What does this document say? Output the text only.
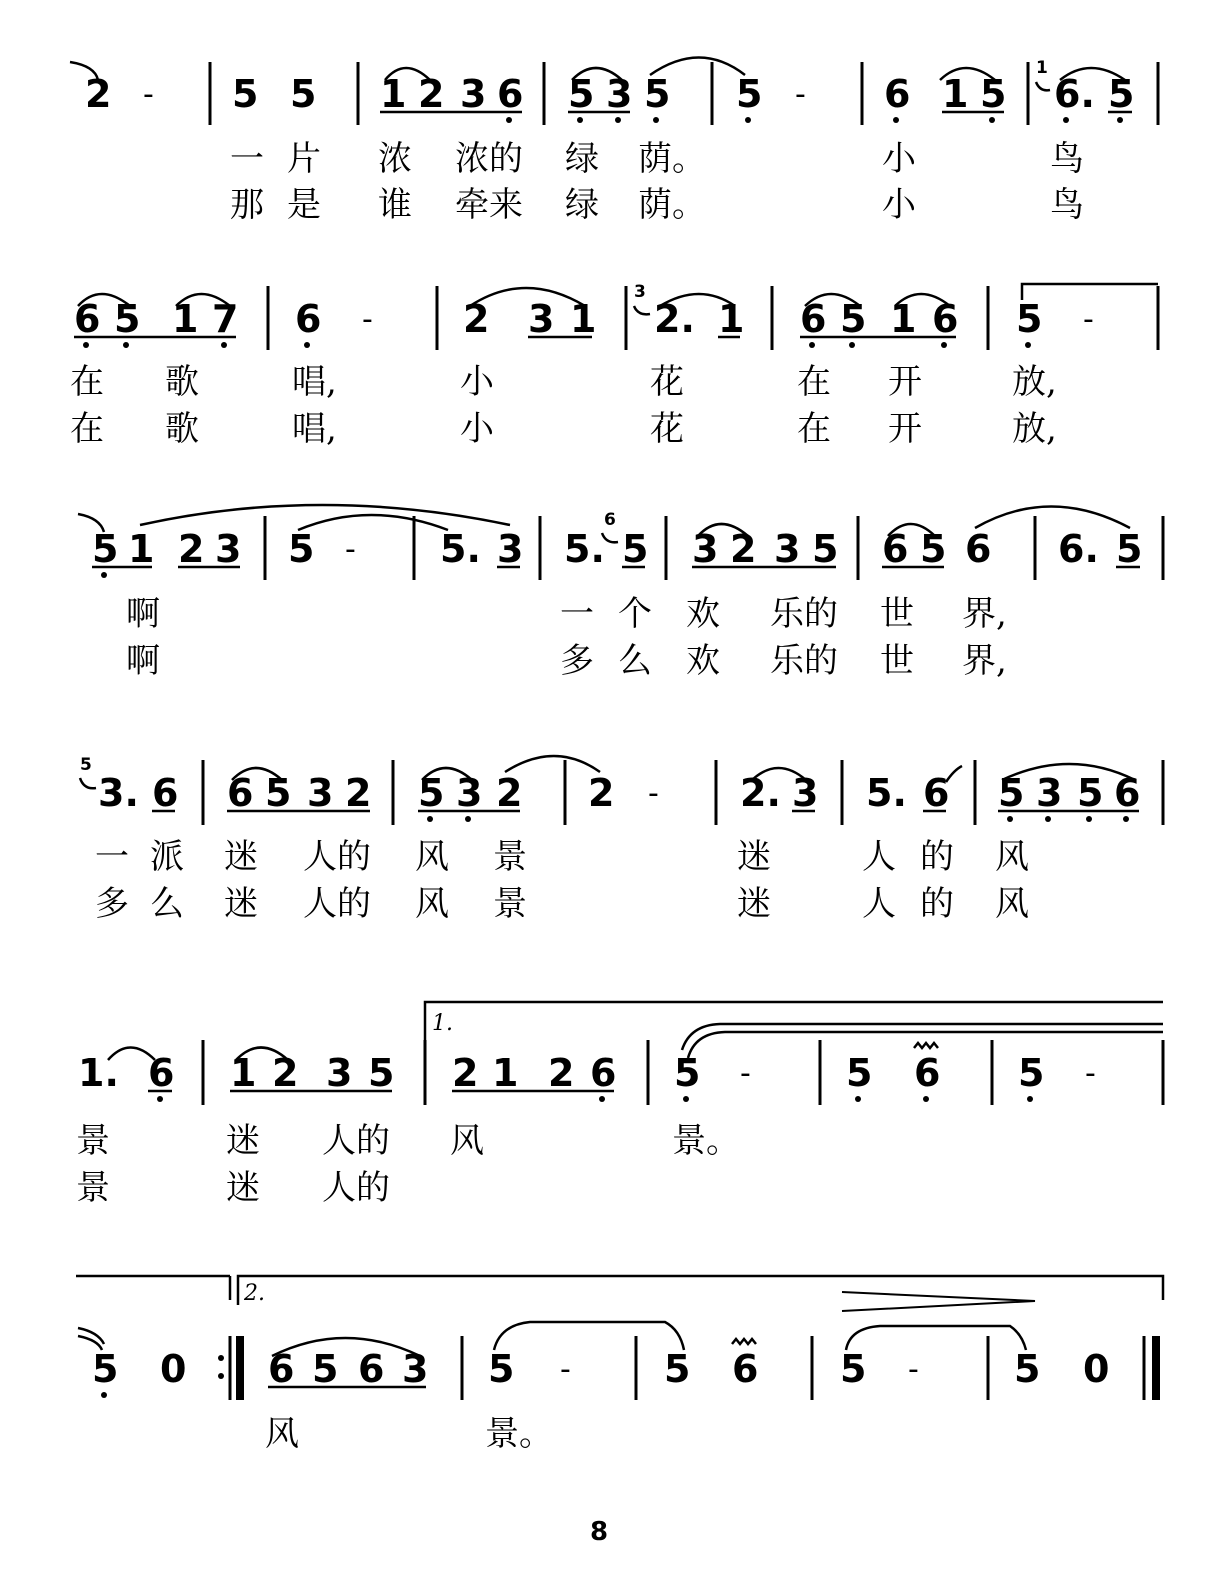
2 - 5 5 1 2 3 6 5 3 5 5 - 6 1 5
1
6. 5
一 片 浓 浓的 绿 荫。	小	鸟
那 是 谁 牵来 绿 荫。	小	鸟
6 5 1 7 6 - 2 3 1
3
2. 1 6 5 1 6 5 -
在 歌	唱,	小	花	在 开	放,
在 歌	唱,	小	花	在 开	放,
5 1 2 3 5 - 5. 3 5.
6
5 3 2 3 5 6 5 6 6. 5
啊	一 个 欢 乐的 世 界,
啊	多 么 欢 乐的 世 界,
5
3. 6 6 5 3 2 5 3 2 2 - 2. 3 5. 6 5 3 5 6
一 派 迷 人的 风 景	迷	人 的 风
多 么 迷 人的 风 景	迷	人 的 风
1.
1. 6 1 2 3 5 2 1 2 6 5 -	5 6 5 -
景	迷 人的 风	景。
景	迷 人的
2.
5 0 6 5 6 3 5 - 5 6 5 -	5 0
风	景。
8
